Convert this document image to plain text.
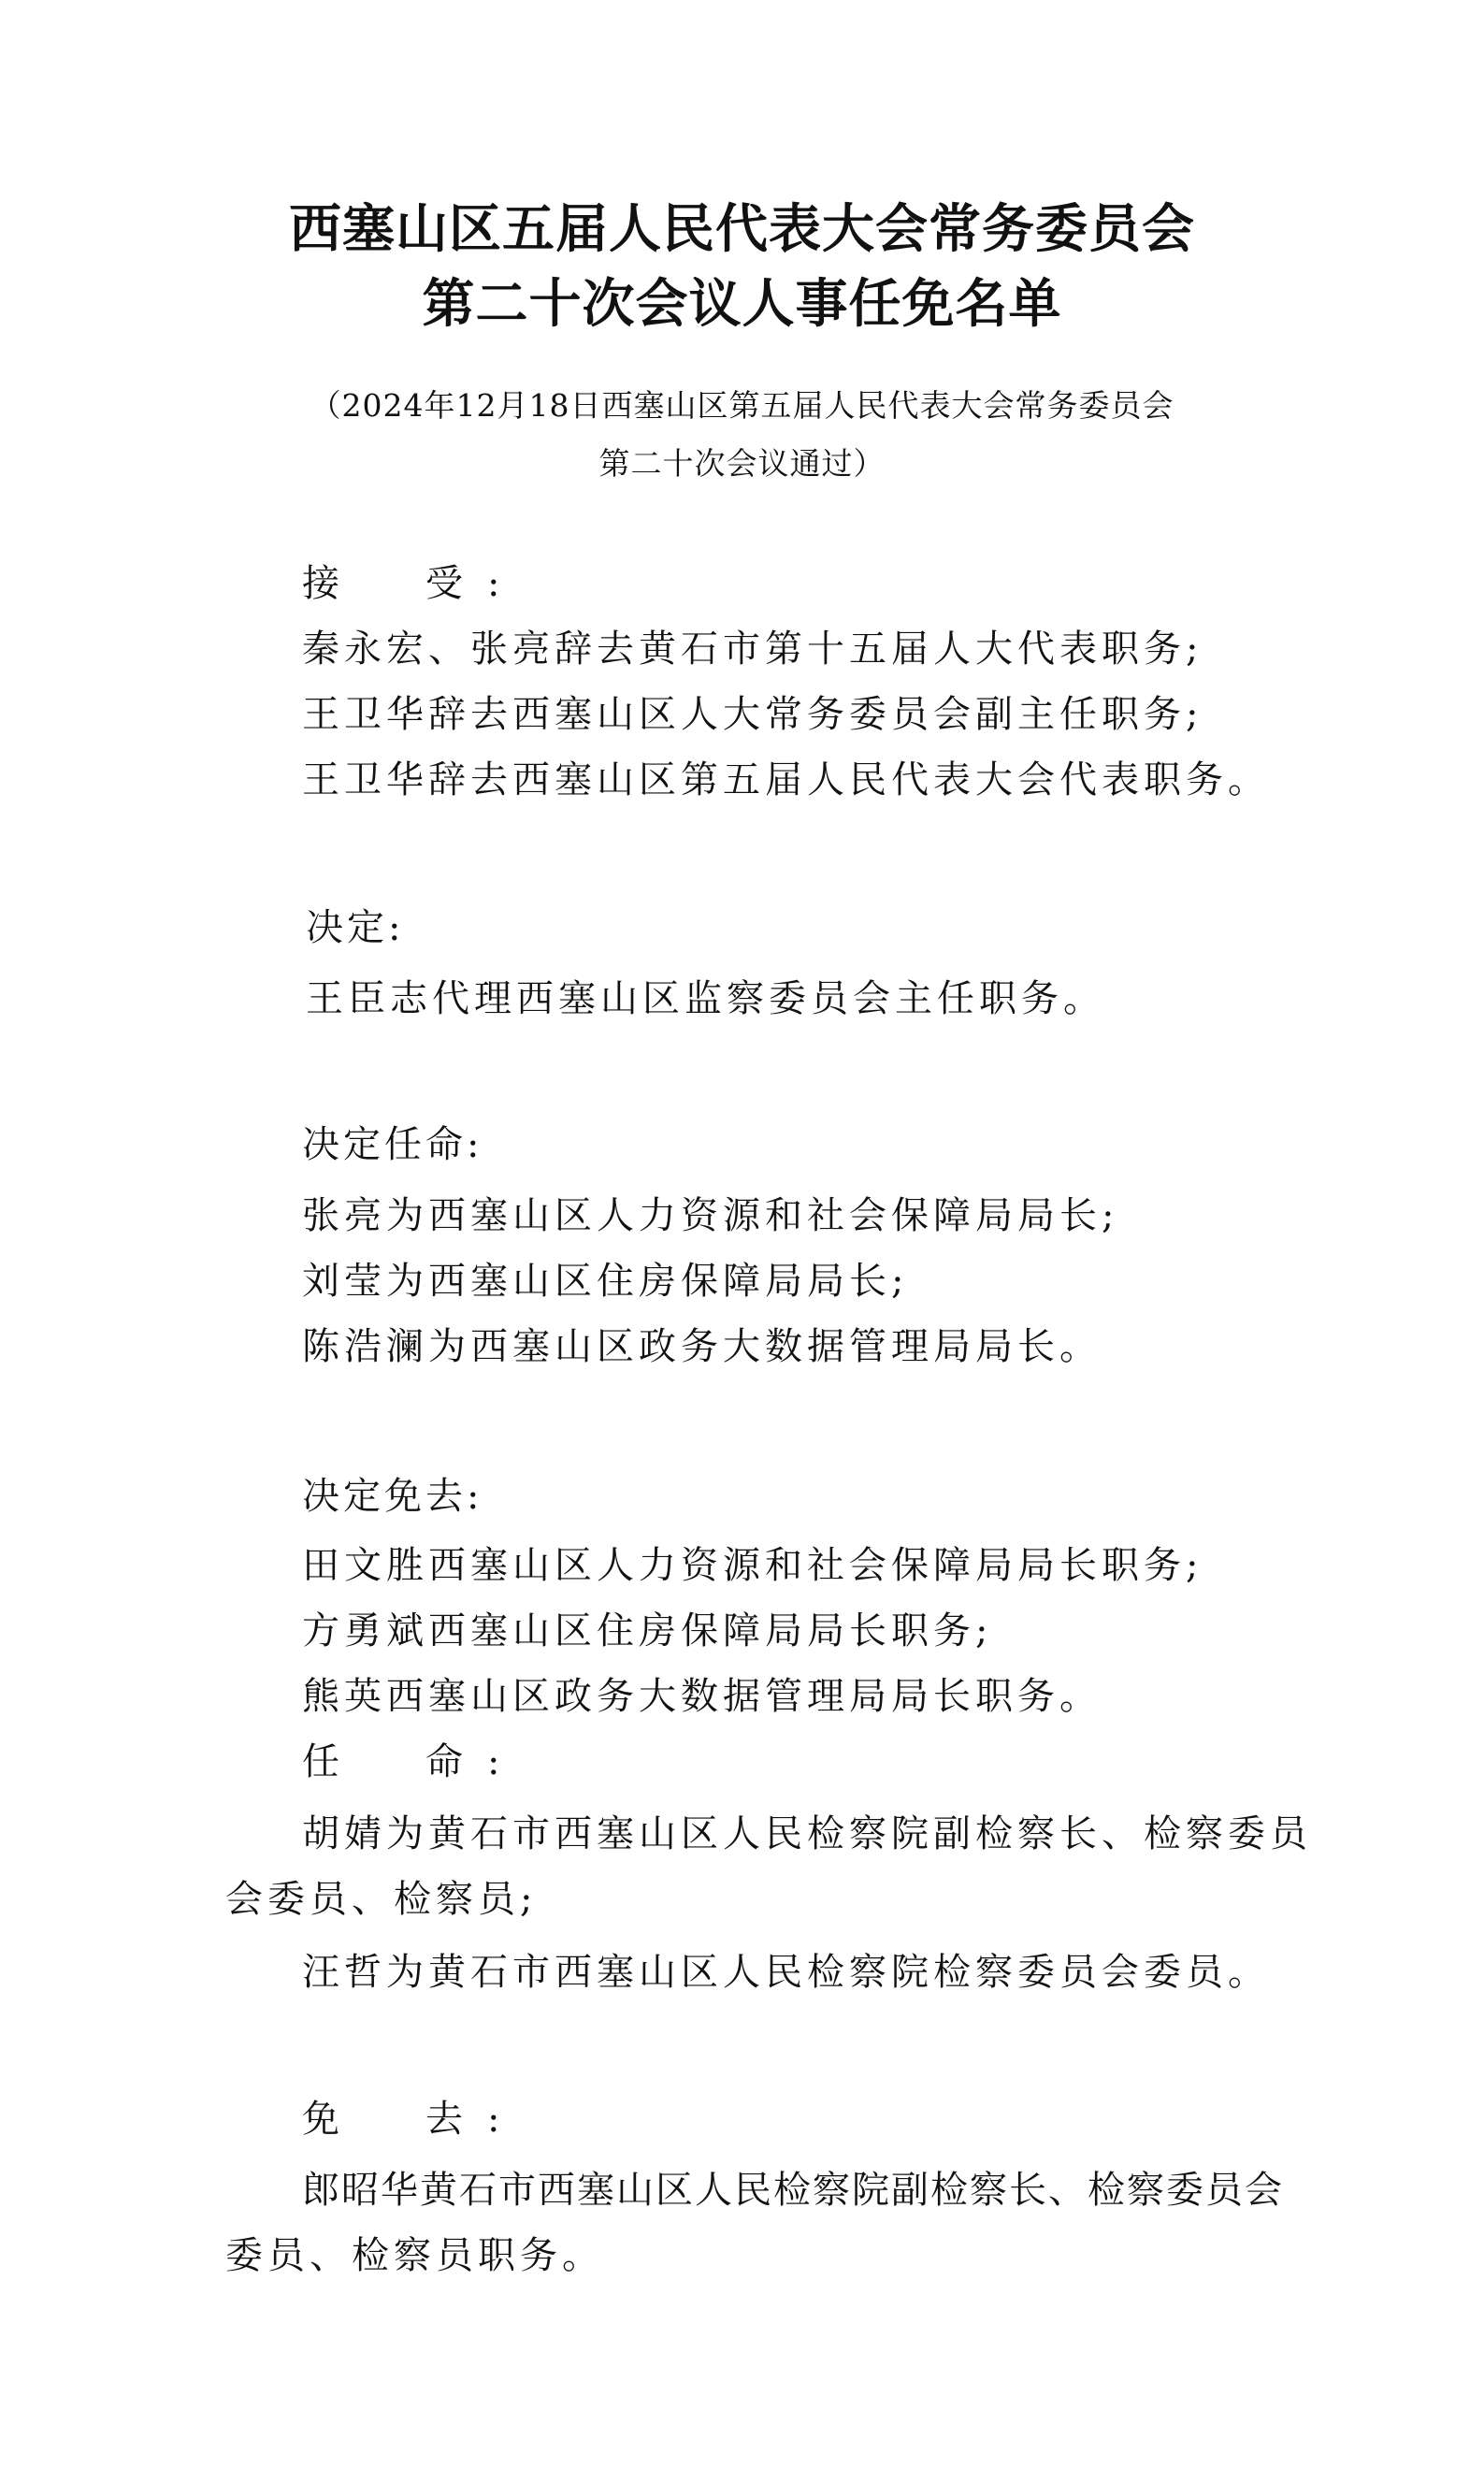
西塞山区五届人民代表大会常务委员会
第二十次会议人事任免名单
（2024年12月18日西塞山区第五届人民代表大会常务委员会
第二十次会议通过）
接　受:
秦永宏、张亮辞去黄石市第十五届人大代表职务;
王卫华辞去西塞山区人大常务委员会副主任职务;
王卫华辞去西塞山区第五届人民代表大会代表职务。
决定:
王臣志代理西塞山区监察委员会主任职务。
决定任命:
张亮为西塞山区人力资源和社会保障局局长;
刘莹为西塞山区住房保障局局长;
陈浩澜为西塞山区政务大数据管理局局长。
决定免去:
田文胜西塞山区人力资源和社会保障局局长职务;
方勇斌西塞山区住房保障局局长职务;
熊英西塞山区政务大数据管理局局长职务。
任　命:
胡婧为黄石市西塞山区人民检察院副检察长、检察委员
会委员、检察员;
汪哲为黄石市西塞山区人民检察院检察委员会委员。
免　去:
郎昭华黄石市西塞山区人民检察院副检察长、检察委员会
委员、检察员职务。
